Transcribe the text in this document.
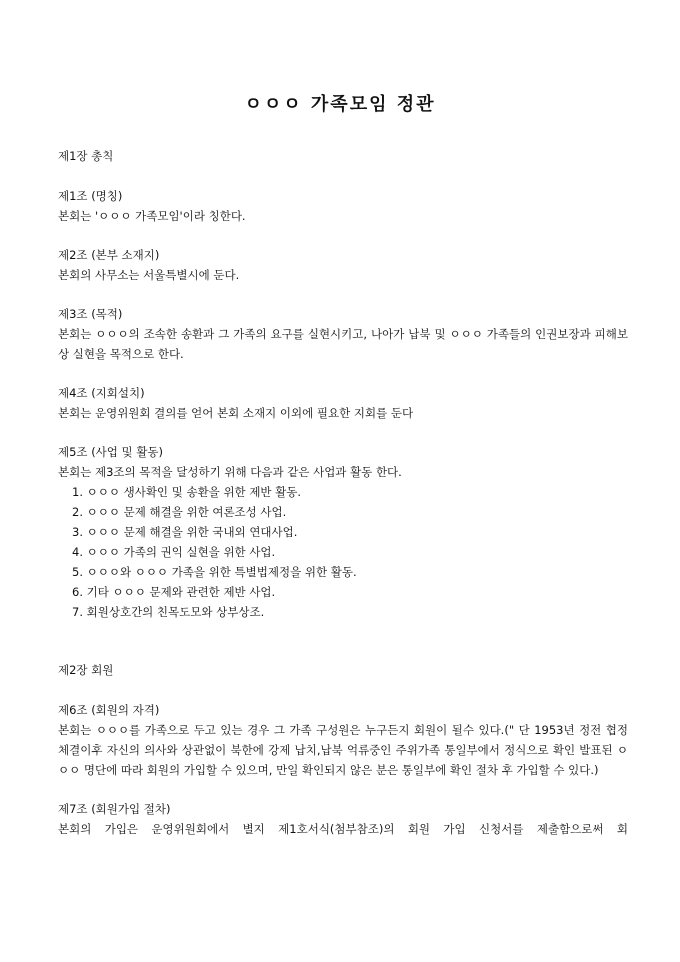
ㅇㅇㅇ 가족모임 정관
제1장 총칙
제1조 (명칭)

본회는 'ㅇㅇㅇ 가족모임'이라 칭한다.

제2조 (본부 소재지)

본회의 사무소는 서울특별시에 둔다.

제3조 (목적)

본회는 ㅇㅇㅇ의 조속한 송환과 그 가족의 요구를 실현시키고, 나아가 납북 및 ㅇㅇㅇ 가족들의 인권보장과 피해보상 실현을 목적으로 한다.

제4조 (지회설치)

본회는 운영위원회 결의를 얻어 본회 소재지 이외에 필요한 지회를 둔다

제5조 (사업 및 활동)

본회는 제3조의 목적을 달성하기 위해 다음과 같은 사업과 활동 한다.

1. ㅇㅇㅇ 생사확인 및 송환을 위한 제반 활동.
2. ㅇㅇㅇ 문제 해결을 위한 여론조성 사업.
3. ㅇㅇㅇ 문제 해결을 위한 국내외 연대사업.
4. ㅇㅇㅇ 가족의 권익 실현을 위한 사업.
5. ㅇㅇㅇ와 ㅇㅇㅇ 가족을 위한 특별법제정을 위한 활동.
6. 기타 ㅇㅇㅇ 문제와 관련한 제반 사업.
7. 회원상호간의 친목도모와 상부상조.
제2장 회원
제6조 (회원의 자격)

본회는 ㅇㅇㅇ를 가족으로 두고 있는 경우 그 가족 구성원은 누구든지 회원이 될수 있다.(" 단 1953년 정전 협정 체결이후 자신의 의사와 상관없이 북한에 강제 납치,납북 억류중인 주위가족 통일부에서 정식으로 확인 발표된 ㅇㅇㅇ 명단에 따라 회원의 가입할 수 있으며, 만일 확인되지 않은 분은 통일부에 확인 절차 후 가입할 수 있다.)

제7조 (회원가입 절차)

본회의 가입은 운영위원회에서 별지 제1호서식(첨부참조)의 회원 가입 신청서를 제출함으로써 회
